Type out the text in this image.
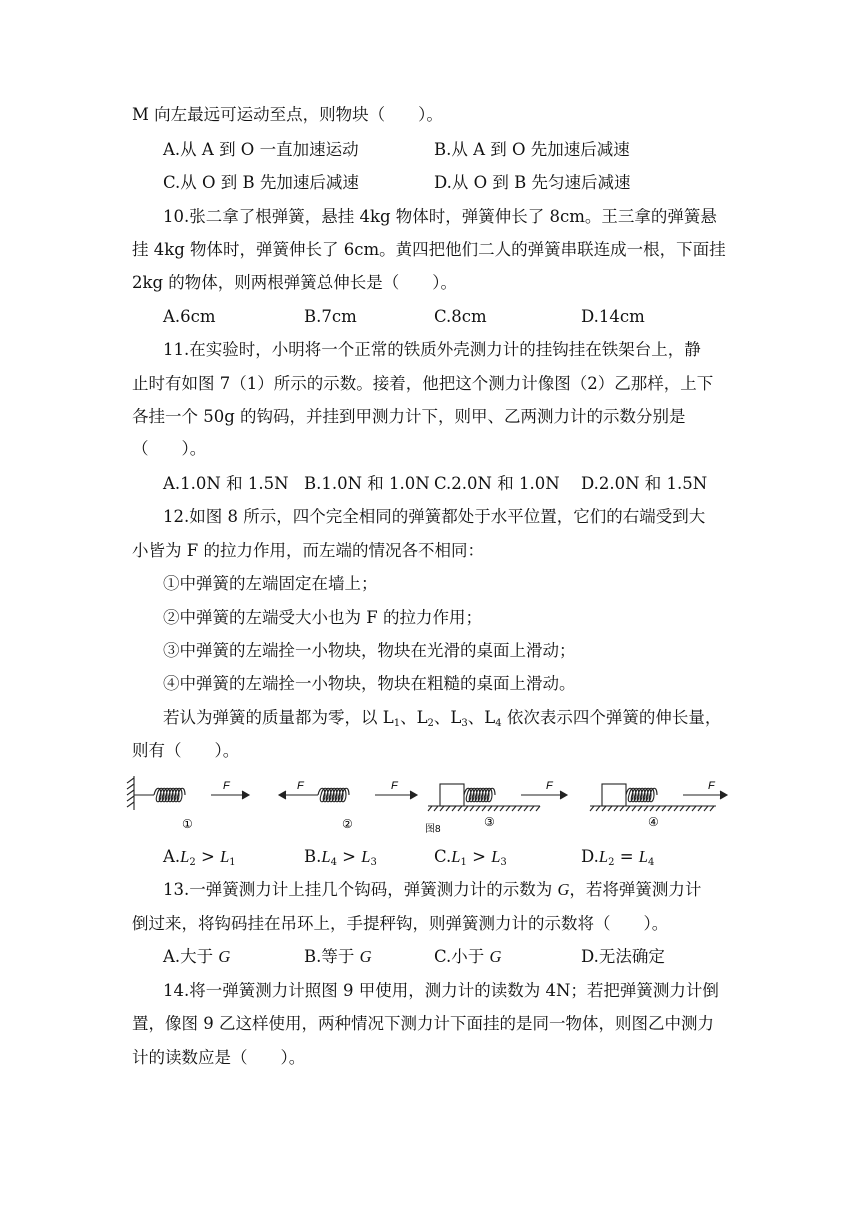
M 向左最远可运动至点，则物块（　　）。
A.从 A 到 O 一直加速运动	B.从 A 到 O 先加速后减速
C.从 O 到 B 先加速后减速	D.从 O 到 B 先匀速后减速
10.张二拿了根弹簧，悬挂 4kg 物体时，弹簧伸长了 8cm。王三拿的弹簧悬
挂 4kg 物体时，弹簧伸长了 6cm。黄四把他们二人的弹簧串联连成一根，下面挂
2kg 的物体，则两根弹簧总伸长是（　　）。
A.6cm	B.7cm	C.8cm	D.14cm
11.在实验时，小明将一个正常的铁质外壳测力计的挂钩挂在铁架台上，静
止时有如图 7（1）所示的示数。接着，他把这个测力计像图（2）乙那样，上下
各挂一个 50g 的钩码，并挂到甲测力计下，则甲、乙两测力计的示数分别是
（　　）。
A.1.0N 和 1.5N B.1.0N 和 1.0N C.2.0N 和 1.0N D.2.0N 和 1.5N
12.如图 8 所示，四个完全相同的弹簧都处于水平位置，它们的右端受到大
小皆为 F 的拉力作用，而左端的情况各不相同：
①中弹簧的左端固定在墙上；
②中弹簧的左端受大小也为 F 的拉力作用；
③中弹簧的左端拴一小物块，物块在光滑的桌面上滑动；
④中弹簧的左端拴一小物块，物块在粗糙的桌面上滑动。
若认为弹簧的质量都为零，以 $L_1$、$L_2$、$L_3$、$L_4$ 依次表示四个弹簧的伸长量，
则有（　　）。
F
①
F	F
②
F
图8
③
F
④
$A.L_2 > L_1$	$B.L_4 > L_3$	$C.L_1 > L_3$	$D.L_2 = L_4$
13.一弹簧测力计上挂几个钩码，弹簧测力计的示数为 G，若将弹簧测力计
倒过来，将钩码挂在吊环上，手提秤钩，则弹簧测力计的示数将（　　）。
A.大于 G	B.等于 G	C.小于 G	D.无法确定
14.将一弹簧测力计照图 9 甲使用，测力计的读数为 4N；若把弹簧测力计倒
置，像图 9 乙这样使用，两种情况下测力计下面挂的是同一物体，则图乙中测力
计的读数应是（　　）。
